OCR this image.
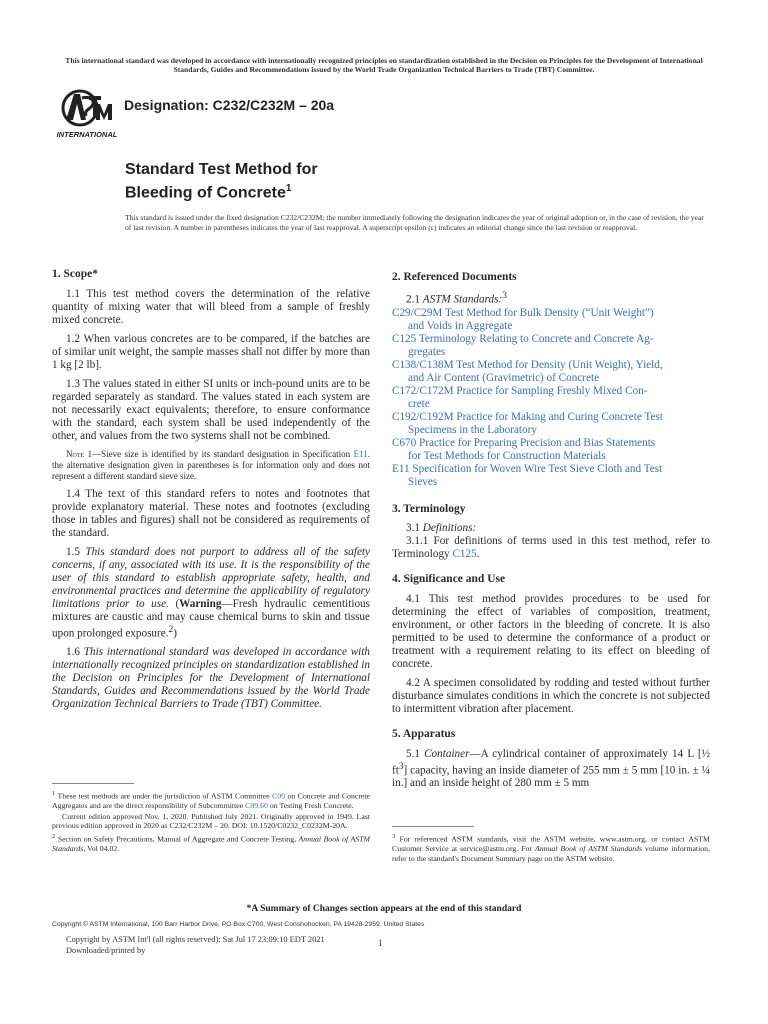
This international standard was developed in accordance with internationally recognized principles on standardization established in the Decision on Principles for the Development of International Standards, Guides and Recommendations issued by the World Trade Organization Technical Barriers to Trade (TBT) Committee.
INTERNATIONAL
Designation: C232/C232M – 20a
Standard Test Method for
Bleeding of Concrete$^1$
This standard is issued under the fixed designation C232/C232M; the number immediately following the designation indicates the year of original adoption or, in the case of revision, the year of last revision. A number in parentheses indicates the year of last reapproval. A superscript epsilon (ε) indicates an editorial change since the last revision or reapproval.
1. Scope*

1.1 This test method covers the determination of the relative quantity of mixing water that will bleed from a sample of freshly mixed concrete.

1.2 When various concretes are to be compared, if the batches are of similar unit weight, the sample masses shall not differ by more than 1 kg [2 lb].

1.3 The values stated in either SI units or inch-pound units are to be regarded separately as standard. The values stated in each system are not necessarily exact equivalents; therefore, to ensure conformance with the standard, each system shall be used independently of the other, and values from the two systems shall not be combined.

Note 1—Sieve size is identified by its standard designation in Specification E11. the alternative designation given in parentheses is for information only and does not represent a different standard sieve size.

1.4 The text of this standard refers to notes and footnotes that provide explanatory material. These notes and footnotes (excluding those in tables and figures) shall not be considered as requirements of the standard.

1.5 This standard does not purport to address all of the safety concerns, if any, associated with its use. It is the responsibility of the user of this standard to establish appropriate safety, health, and environmental practices and determine the applicability of regulatory limitations prior to use. (Warning—Fresh hydraulic cementitious mixtures are caustic and may cause chemical burns to skin and tissue upon prolonged exposure.$^2$)

1.6 This international standard was developed in accordance with internationally recognized principles on standardization established in the Decision on Principles for the Development of International Standards, Guides and Recommendations issued by the World Trade Organization Technical Barriers to Trade (TBT) Committee.

$^1$ These test methods are under the jurisdiction of ASTM Committee C09 on Concrete and Concrete Aggregates and are the direct responsibility of Subcommittee C09.60 on Testing Fresh Concrete.

Current edition approved Nov. 1, 2020. Published July 2021. Originally approved in 1949. Last previous edition approved in 2020 as C232/C232M – 20. DOI: 10.1520/C0232_C0232M-20A.

$^2$ Section on Safety Precautions, Manual of Aggregate and Concrete Testing, Annual Book of ASTM Standards, Vol 04.02.

2. Referenced Documents

2.1 ASTM Standards:$^3$

C29/C29M Test Method for Bulk Density (“Unit Weight”)
and Voids in Aggregate
C125 Terminology Relating to Concrete and Concrete Ag-
gregates
C138/C138M Test Method for Density (Unit Weight), Yield,
and Air Content (Gravimetric) of Concrete
C172/C172M Practice for Sampling Freshly Mixed Con-
crete
C192/C192M Practice for Making and Curing Concrete Test
Specimens in the Laboratory
C670 Practice for Preparing Precision and Bias Statements
for Test Methods for Construction Materials
E11 Specification for Woven Wire Test Sieve Cloth and Test
Sieves
3. Terminology

3.1 Definitions:

3.1.1 For definitions of terms used in this test method, refer to Terminology C125.

4. Significance and Use

4.1 This test method provides procedures to be used for determining the effect of variables of composition, treatment, environment, or other factors in the bleeding of concrete. It is also permitted to be used to determine the conformance of a product or treatment with a requirement relating to its effect on bleeding of concrete.

4.2 A specimen consolidated by rodding and tested without further disturbance simulates conditions in which the concrete is not subjected to intermittent vibration after placement.

5. Apparatus

5.1 Container—A cylindrical container of approximately 14 L [½ $ft^3$] capacity, having an inside diameter of 255 mm ± 5 mm [10 in. ± ¼ in.] and an inside height of 280 mm ± 5 mm

$^3$ For referenced ASTM standards, visit the ASTM website, www.astm.org, or contact ASTM Customer Service at service@astm.org. For Annual Book of ASTM Standards volume information, refer to the standard's Document Summary page on the ASTM website.

*A Summary of Changes section appears at the end of this standard
Copyright © ASTM International, 100 Barr Harbor Drive, PO Box C700, West Conshohocken, PA 19428-2959. United States
Copyright by ASTM Int'l (all rights reserved); Sat Jul 17 23:09:10 EDT 2021
Downloaded/printed by
1
